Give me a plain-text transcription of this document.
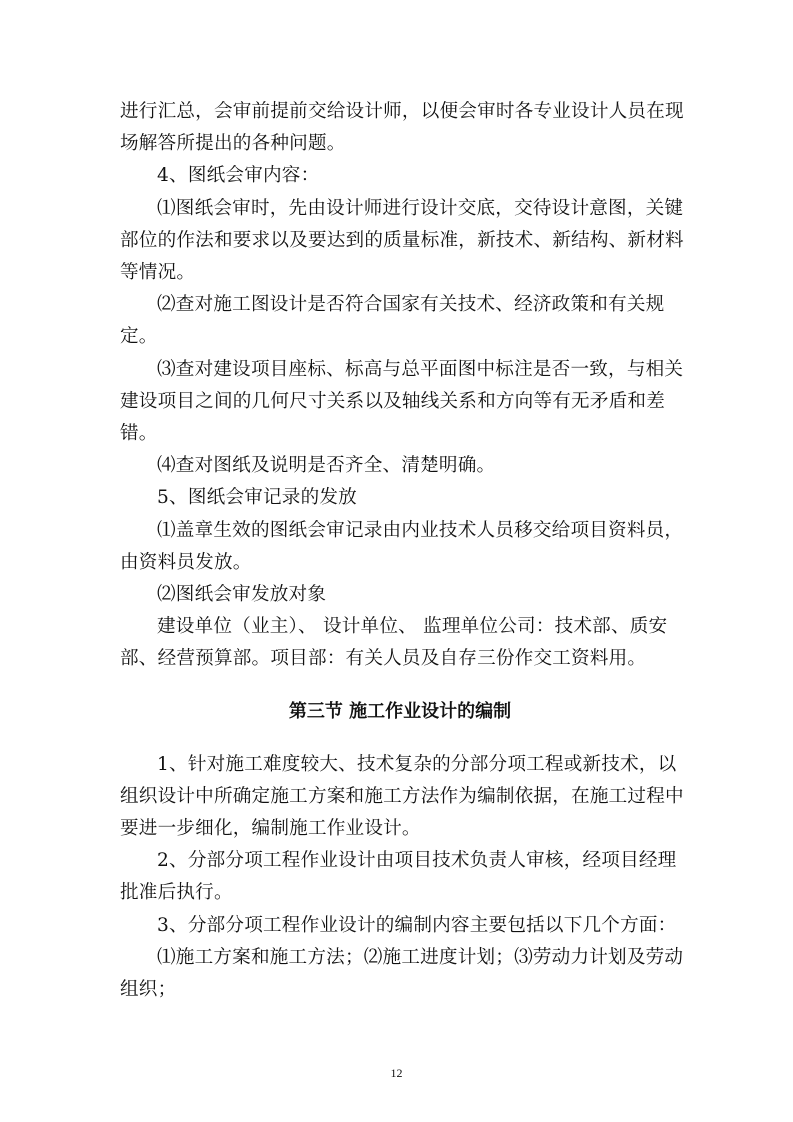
进行汇总，会审前提前交给设计师，以便会审时各专业设计人员在现
场解答所提出的各种问题。
4、图纸会审内容：
⑴图纸会审时，先由设计师进行设计交底，交待设计意图，关键
部位的作法和要求以及要达到的质量标准，新技术、新结构、新材料
等情况。
⑵查对施工图设计是否符合国家有关技术、经济政策和有关规
定。
⑶查对建设项目座标、标高与总平面图中标注是否一致，与相关
建设项目之间的几何尺寸关系以及轴线关系和方向等有无矛盾和差
错。
⑷查对图纸及说明是否齐全、清楚明确。
5、图纸会审记录的发放
⑴盖章生效的图纸会审记录由内业技术人员移交给项目资料员，
由资料员发放。
⑵图纸会审发放对象
建设单位（业主）、 设计单位、 监理单位公司：技术部、质安
部、经营预算部。项目部：有关人员及自存三份作交工资料用。
第三节 施工作业设计的编制
1、针对施工难度较大、技术复杂的分部分项工程或新技术，以
组织设计中所确定施工方案和施工方法作为编制依据，在施工过程中
要进一步细化，编制施工作业设计。
2、分部分项工程作业设计由项目技术负责人审核，经项目经理
批准后执行。
3、分部分项工程作业设计的编制内容主要包括以下几个方面：
⑴施工方案和施工方法；⑵施工进度计划；⑶劳动力计划及劳动
组织；
12
